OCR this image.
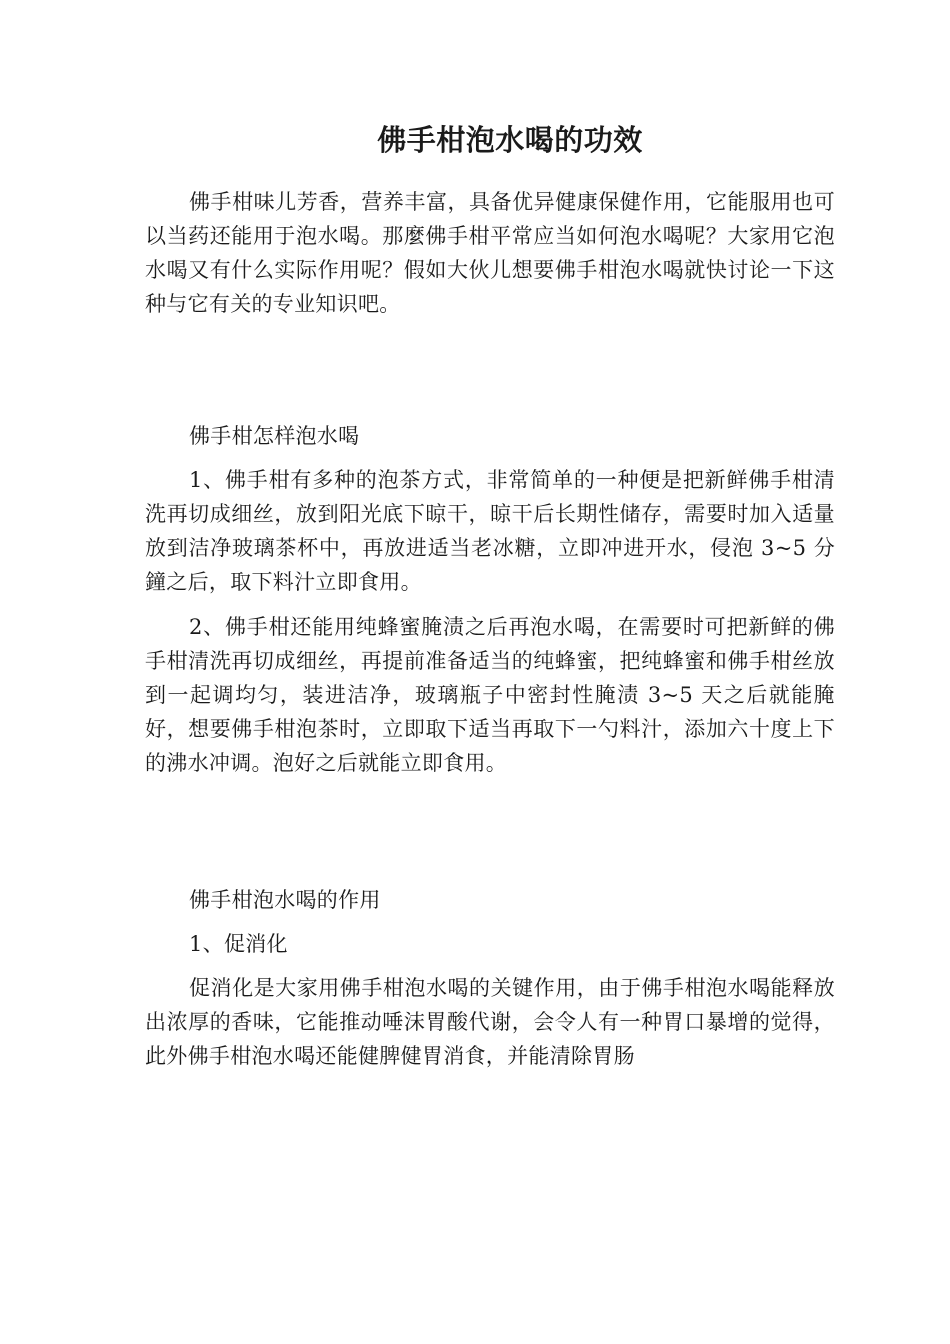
佛手柑泡水喝的功效

佛手柑味儿芳香，营养丰富，具备优异健康保健作用，它能服用也可以当药还能用于泡水喝。那麼佛手柑平常应当如何泡水喝呢？大家用它泡水喝又有什么实际作用呢？假如大伙儿想要佛手柑泡水喝就快讨论一下这种与它有关的专业知识吧。

佛手柑怎样泡水喝

1、佛手柑有多种的泡茶方式，非常简单的一种便是把新鲜佛手柑清洗再切成细丝，放到阳光底下晾干，晾干后长期性储存，需要时加入适量放到洁净玻璃茶杯中，再放进适当老冰糖，立即冲进开水，侵泡 3~5 分鐘之后，取下料汁立即食用。

2、佛手柑还能用纯蜂蜜腌渍之后再泡水喝，在需要时可把新鲜的佛手柑清洗再切成细丝，再提前准备适当的纯蜂蜜，把纯蜂蜜和佛手柑丝放到一起调均匀，装进洁净，玻璃瓶子中密封性腌渍 3~5 天之后就能腌好，想要佛手柑泡茶时，立即取下适当再取下一勺料汁，添加六十度上下的沸水冲调。泡好之后就能立即食用。

佛手柑泡水喝的作用

1、促消化

促消化是大家用佛手柑泡水喝的关键作用，由于佛手柑泡水喝能释放出浓厚的香味，它能推动唾沫胃酸代谢，会令人有一种胃口暴增的觉得，此外佛手柑泡水喝还能健脾健胃消食，并能清除胃肠
